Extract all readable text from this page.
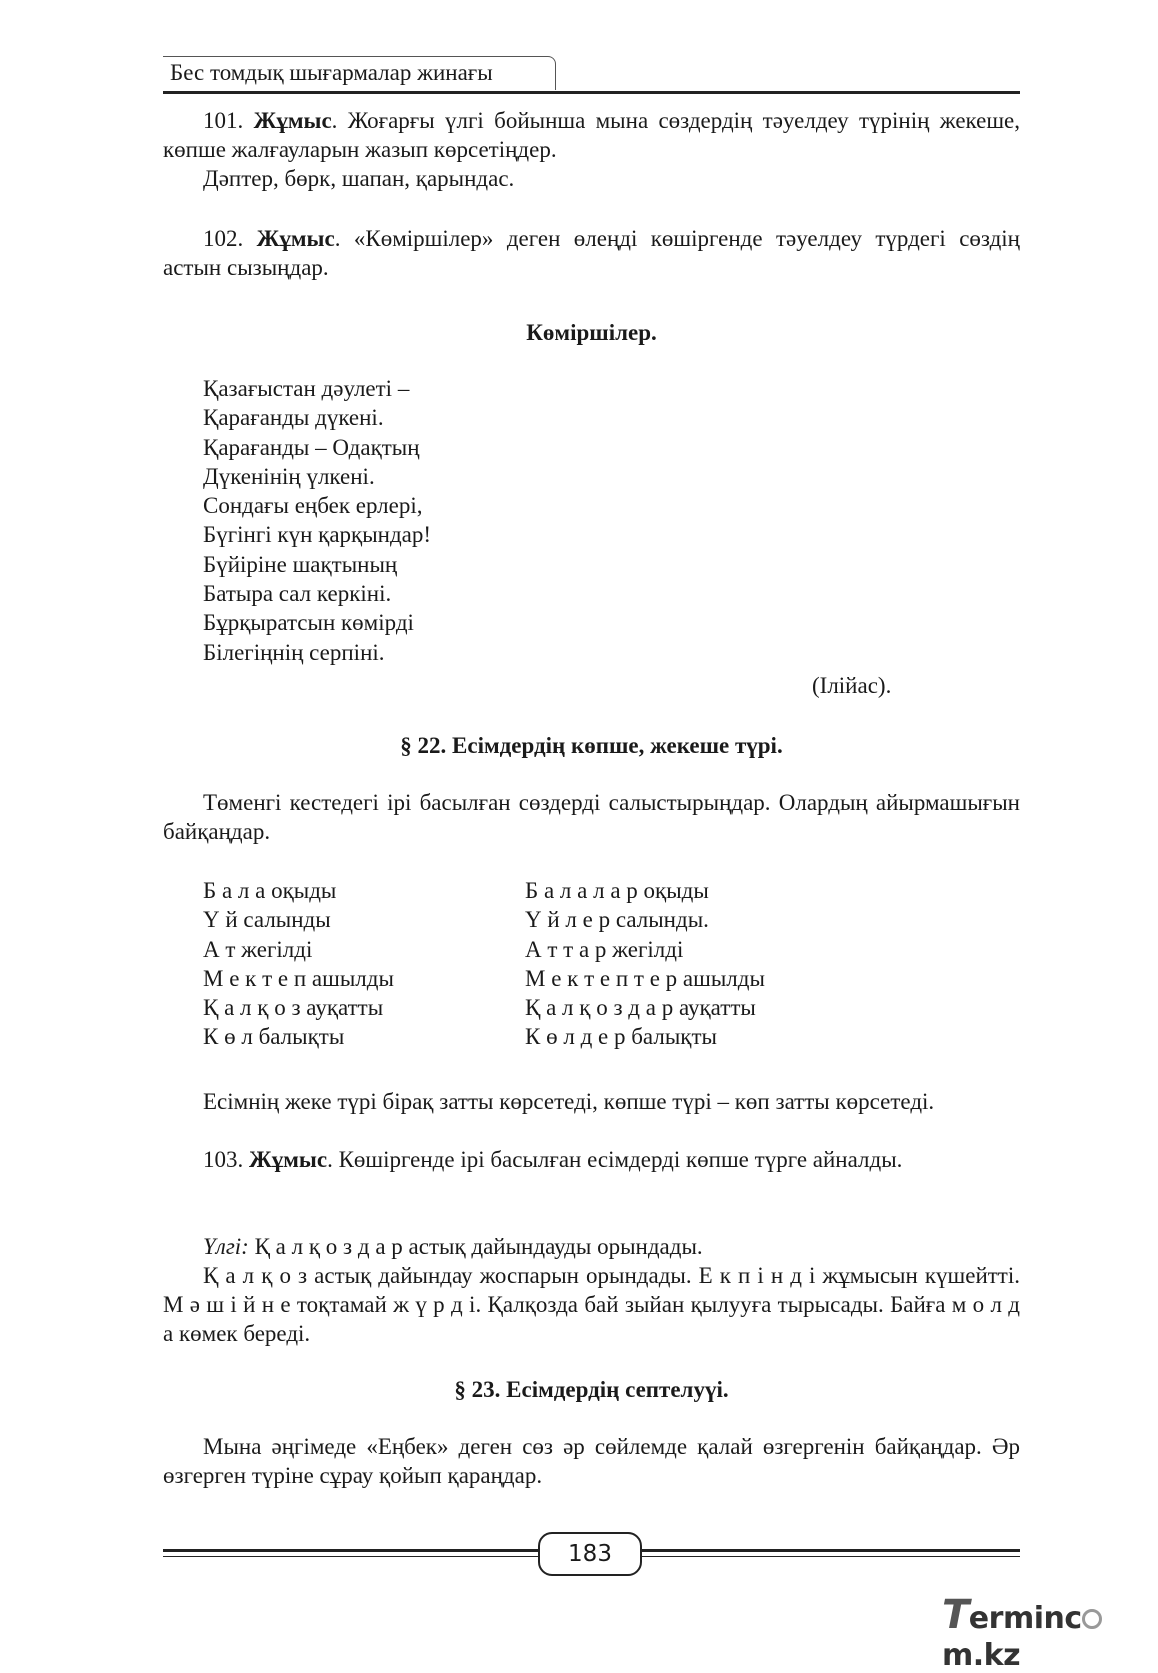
Бес томдық шығармалар жинағы

101. Жұмыс. Жоғарғы үлгі бойынша мына сөздердің тәуелдеу түрінің жекеше, көпше жалғауларын жазып көрсетіңдер.

Дәптер, бөрк, шапан, қарындас.

102. Жұмыс. «Көміршілер» деген өлеңді көшіргенде тәуелдеу түрдегі сөздің астын сызыңдар.

Көміршілер.
Қазағыстан дәулеті –
Қарағанды дүкені.
Қарағанды – Одақтың
Дүкенінің үлкені.
Сондағы еңбек ерлері,
Бүгінгі күн қарқындар!
Бүйіріне шақтының
Батыра сал керкіні.
Бұрқыратсын көмірді
Білегіңнің серпіні.
(Ілійас).
§ 22. Есімдердің көпше, жекеше түрі.

Төменгі кестедегі ірі басылған сөздерді салыстырыңдар. Олардың айырмашығын байқаңдар.

Б а л а оқыды
Ү й салынды
А т жегілді
М е к т е п ашылды
Қ а л қ о з ауқатты
К ө л балықты
Б а л а л а р оқыды
Ү й л е р салынды.
А т т а р жегілді
М е к т е п т е р ашылды
Қ а л қ о з д а р ауқатты
К ө л д е р балықты

Есімнің жеке түрі бірақ затты көрсетеді, көпше түрі – көп затты көрсетеді.

103. Жұмыс. Көшіргенде ірі басылған есімдерді көпше түрге айналды.

Үлгі: Қ а л қ о з д а р астық дайындауды орындады.

Қ а л қ о з астық дайындау жоспарын орындады. Е к п і н д і жұмысын күшейтті. М ә ш і й н е тоқтамай ж ү р д і. Қалқозда бай зыйан қылууға тырысады. Байға м о л д а көмек береді.

§ 23. Есімдердің септелуүі.

Мына әңгімеде «Еңбек» деген сөз әр сөйлемде қалай өзгергенін байқаңдар. Әр өзгерген түріне сұрау қойып қараңдар.

183
Termincm.kz
